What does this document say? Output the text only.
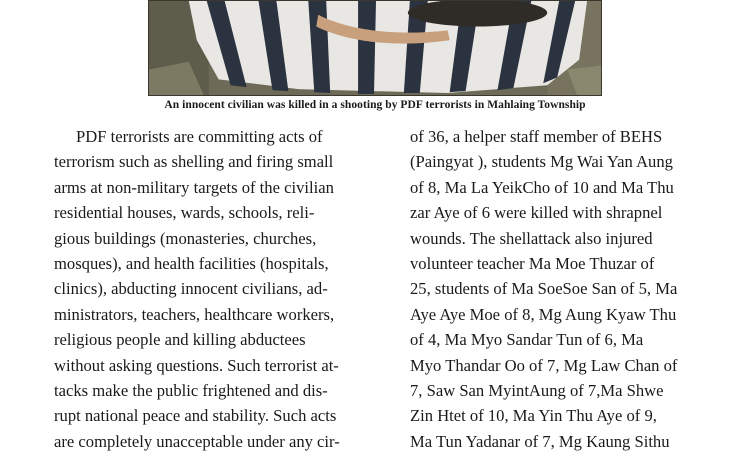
An innocent civilian was killed in a shooting by PDF terrorists in Mahlaing Township

PDF terrorists are committing acts of

terrorism such as shelling and firing small

arms at non-military targets of the civilian

residential houses, wards, schools, reli-

gious buildings (monasteries, churches,

mosques), and health facilities (hospitals,

clinics), abducting innocent civilians, ad-

ministrators, teachers, healthcare workers,

religious people and killing abductees

without asking questions. Such terrorist at-

tacks make the public frightened and dis-

rupt national peace and stability. Such acts

are completely unacceptable under any cir-

of 36, a helper staff member of BEHS

(Paingyat ), students Mg Wai Yan Aung

of 8, Ma La YeikCho of 10 and Ma Thu

zar Aye of 6 were killed with shrapnel

wounds. The shellattack also injured

volunteer teacher Ma Moe Thuzar of

25, students of Ma SoeSoe San of 5, Ma

Aye Aye Moe of 8, Mg Aung Kyaw Thu

of 4, Ma Myo Sandar Tun of 6, Ma

Myo Thandar Oo of 7, Mg Law Chan of

7, Saw San MyintAung of 7,Ma Shwe

Zin Htet of 10, Ma Yin Thu Aye of 9,

Ma Tun Yadanar of 7, Mg Kaung Sithu
